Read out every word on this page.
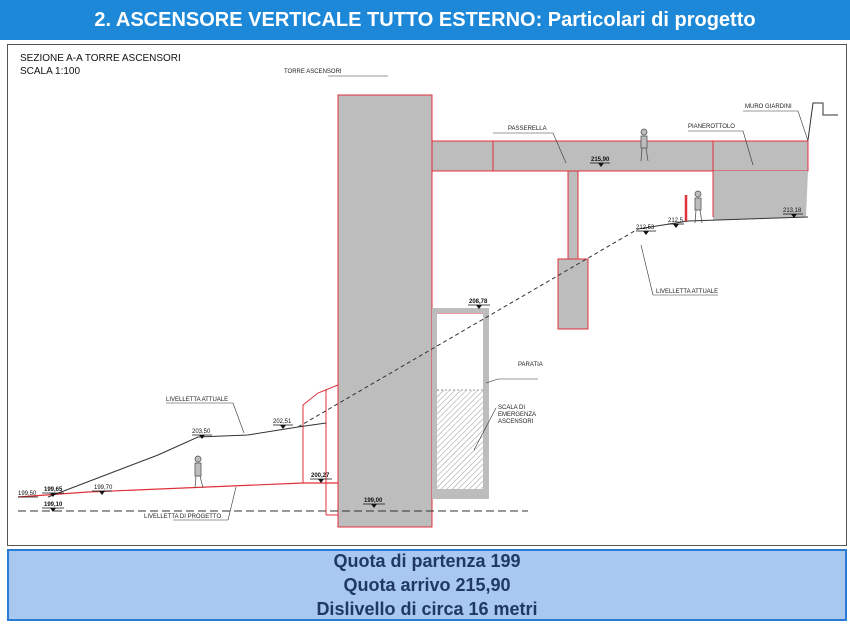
2. ASCENSORE VERTICALE TUTTO ESTERNO: Particolari di progetto
SEZIONE A-A TORRE ASCENSORI
SCALA 1:100	TORRE ASCENSORI
PASSERELLA	PIANEROTTOLO
MURO GIARDINI
LIVELLETTA ATTUALE
LIVELLETTA ATTUALE
PARATIA
SCALA DI
EMERGENZA
ASCENSORI
LIVELLETTA DI PROGETTO
215,90
213,18
212,5
212,53
208,78
202,51
203,50
200,27
199,70
199,65
199,50
199,10
199,00
Quota di partenza 199
Quota arrivo 215,90
Dislivello di circa 16 metri
